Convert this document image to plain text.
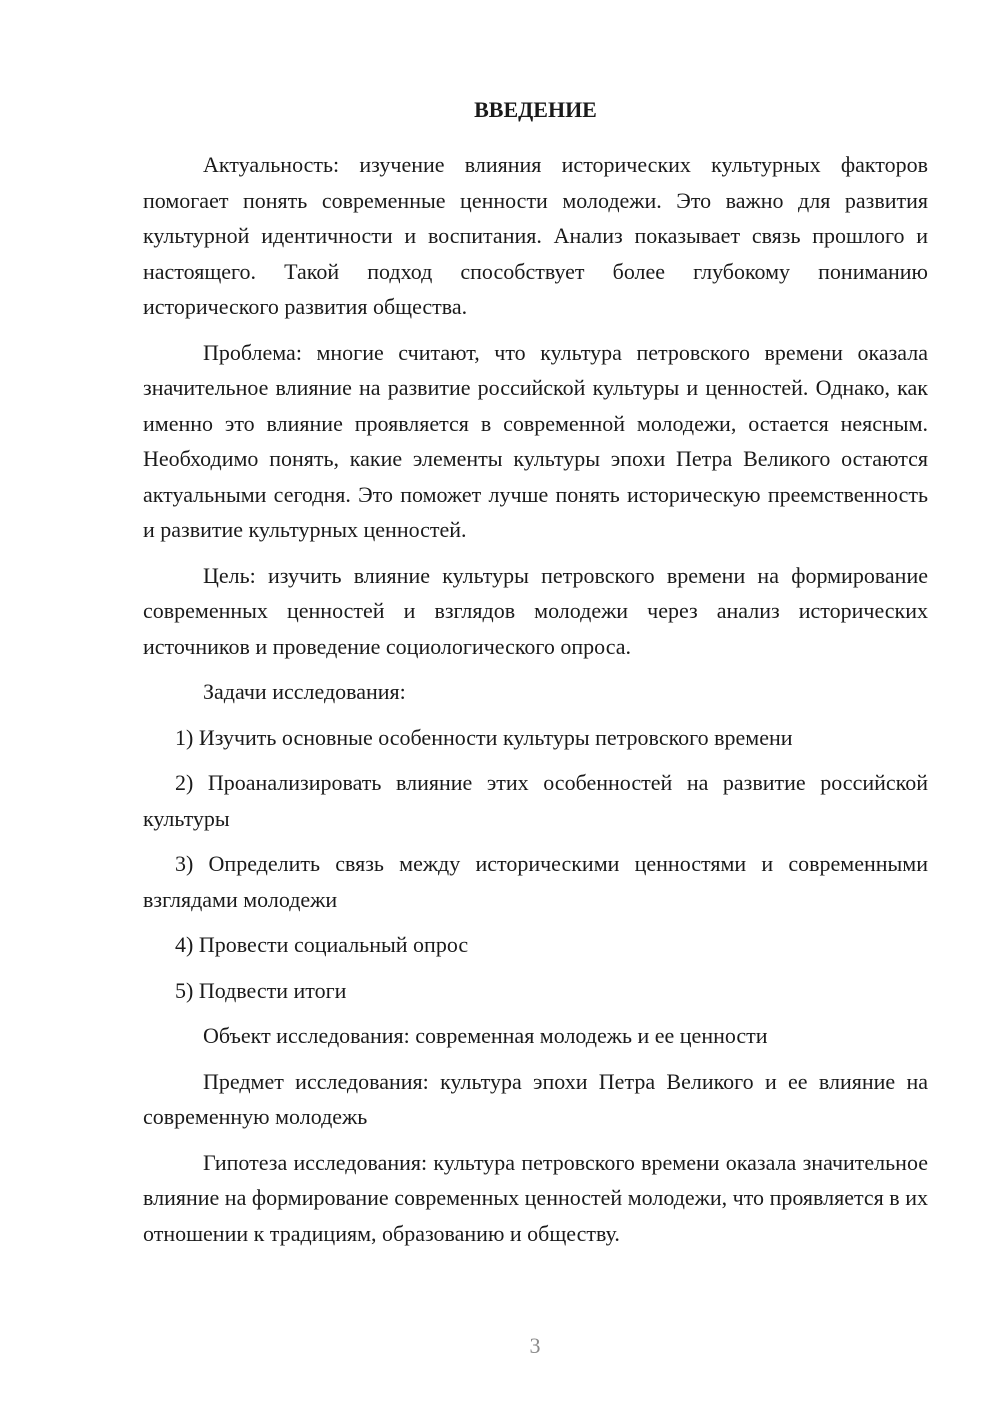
ВВЕДЕНИЕ

Актуальность: изучение влияния исторических культурных факторов помогает понять современные ценности молодежи. Это важно для развития культурной идентичности и воспитания. Анализ показывает связь прошлого и настоящего. Такой подход способствует более глубокому пониманию исторического развития общества.

Проблема: многие считают, что культура петровского времени оказала значительное влияние на развитие российской культуры и ценностей. Однако, как именно это влияние проявляется в современной молодежи, остается неясным. Необходимо понять, какие элементы культуры эпохи Петра Великого остаются актуальными сегодня. Это поможет лучше понять историческую преемственность и развитие культурных ценностей.

Цель: изучить влияние культуры петровского времени на формирование современных ценностей и взглядов молодежи через анализ исторических источников и проведение социологического опроса.

Задачи исследования:

1) Изучить основные особенности культуры петровского времени

2) Проанализировать влияние этих особенностей на развитие российской культуры

3) Определить связь между историческими ценностями и современными взглядами молодежи

4) Провести социальный опрос

5) Подвести итоги

Объект исследования: современная молодежь и ее ценности

Предмет исследования: культура эпохи Петра Великого и ее влияние на современную молодежь

Гипотеза исследования: культура петровского времени оказала значительное влияние на формирование современных ценностей молодежи, что проявляется в их отношении к традициям, образованию и обществу.

3
